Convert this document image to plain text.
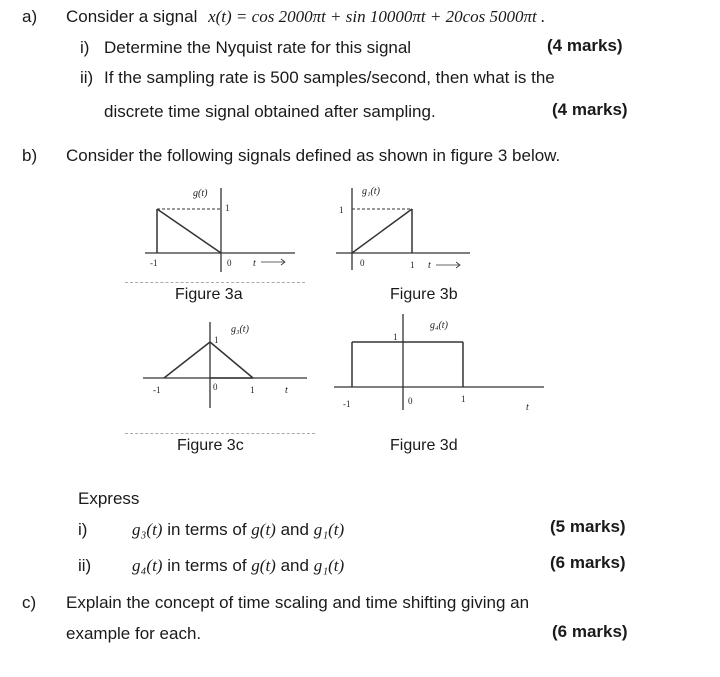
a) Consider a signal x(t) = cos 2000πt + sin 10000πt + 20cos 5000πt .
i) Determine the Nyquist rate for this signal	(4 marks)
ii) If the sampling rate is 500 samples/second, then what is the
discrete time signal obtained after sampling.	(4 marks)
b) Consider the following signals defined as shown in figure 3 below.
g(t)
1
-1	0 t
Figure 3a
g₁(t)
1
0	1 t
Figure 3b
g₃(t)
1
-1	0	1	t
Figure 3c
g₄(t)
1
-1	0	1
t
Figure 3d
Express
i)	g₃(t) in terms of g(t) and g₁(t)	(5 marks)
ii) g₄(t) in terms of g(t) and g₁(t)	(6 marks)
c) Explain the concept of time scaling and time shifting giving an
example for each.	(6 marks)
